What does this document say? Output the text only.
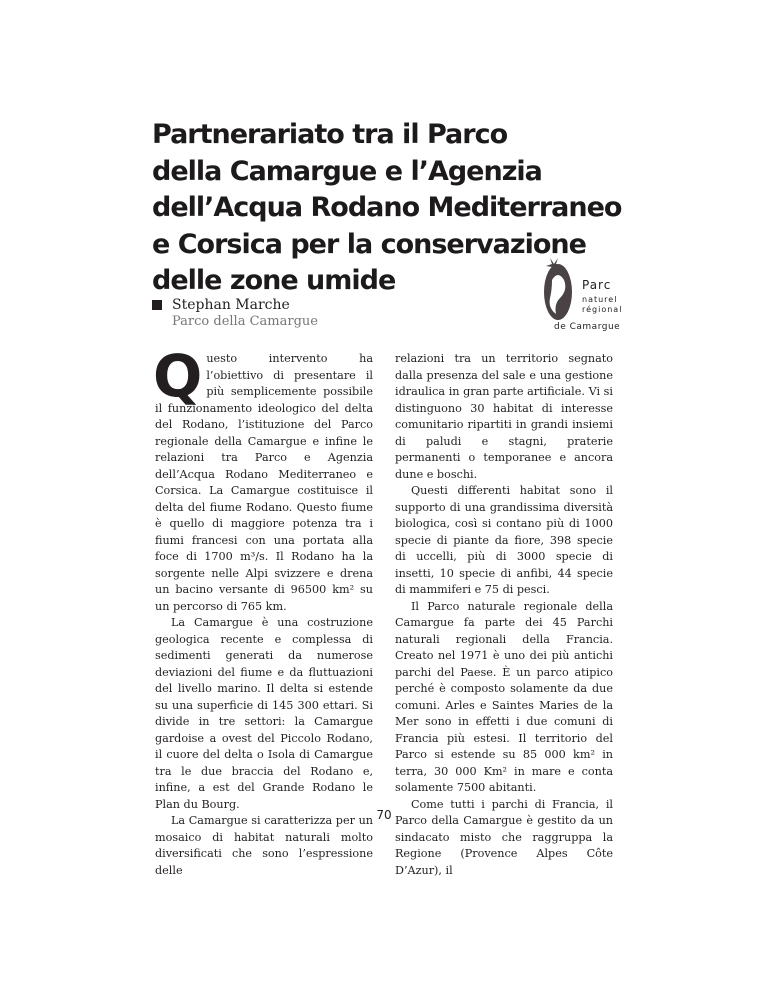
Partnerariato tra il Parco
della Camargue e l’Agenzia
dell’Acqua Rodano Mediterraneo
e Corsica per la conservazione
delle zone umide
Stephan Marche
Parco della Camargue
Parc
naturel
régional
de Camargue

Questo intervento ha l’obiettivo di presentare il più semplicemente possibile il funzionamento ideologico del delta del Rodano, l’istituzione del Parco regionale della Camargue e infine le relazioni tra Parco e Agenzia dell’Acqua Rodano Mediterraneo e Corsica. La Camargue costituisce il delta del fiume Rodano. Questo fiume è quello di maggiore potenza tra i fiumi francesi con una portata alla foce di 1700 m³/s. Il Rodano ha la sorgente nelle Alpi svizzere e drena un bacino versante di 96500 km² su un percorso di 765 km.

La Camargue è una costruzione geologica recente e complessa di sedimenti generati da numerose deviazioni del fiume e da fluttuazioni del livello marino. Il delta si estende su una superficie di 145 300 ettari. Si divide in tre settori: la Camargue gardoise a ovest del Piccolo Rodano, il cuore del delta o Isola di Camargue tra le due braccia del Rodano e, infine, a est del Grande Rodano le Plan du Bourg.

La Camargue si caratterizza per un mosaico di habitat naturali molto diversificati che sono l’espressione delle

relazioni tra un territorio segnato dalla presenza del sale e una gestione idraulica in gran parte artificiale. Vi si distinguono 30 habitat di interesse comunitario ripartiti in grandi insiemi di paludi e stagni, praterie permanenti o temporanee e ancora dune e boschi.

Questi differenti habitat sono il supporto di una grandissima diversità biologica, così si contano più di 1000 specie di piante da fiore, 398 specie di uccelli, più di 3000 specie di insetti, 10 specie di anfibi, 44 specie di mammiferi e 75 di pesci.

Il Parco naturale regionale della Camargue fa parte dei 45 Parchi naturali regionali della Francia. Creato nel 1971 è uno dei più antichi parchi del Paese. È un parco atipico perché è composto solamente da due comuni. Arles e Saintes Maries de la Mer sono in effetti i due comuni di Francia più estesi. Il territorio del Parco si estende su 85 000 km² in terra, 30 000 Km² in mare e conta solamente 7500 abitanti.

Come tutti i parchi di Francia, il Parco della Camargue è gestito da un sindacato misto che raggruppa la Regione (Provence Alpes Côte D’Azur), il

70
